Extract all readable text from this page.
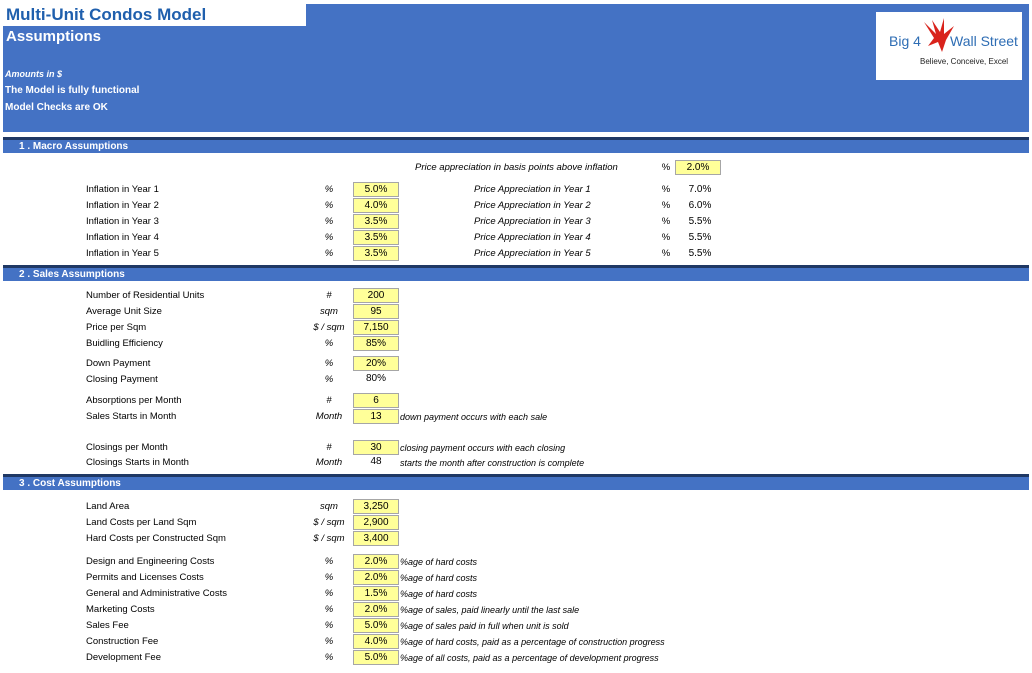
Multi-Unit Condos Model
Assumptions
Amounts in $
The Model is fully functional
Model Checks are OK
Big 4 Wall Street
Believe, Conceive, Excel
1 . Macro Assumptions
Price appreciation in basis points above inflation	%	2.0%
Inflation in Year 1	%	5.0%
Inflation in Year 2	%	4.0%
Inflation in Year 3	%	3.5%
Inflation in Year 4	%	3.5%
Inflation in Year 5	%	3.5%
Price Appreciation in Year 1	%	7.0%
Price Appreciation in Year 2	%	6.0%
Price Appreciation in Year 3	%	5.5%
Price Appreciation in Year 4	%	5.5%
Price Appreciation in Year 5	%	5.5%
2 . Sales Assumptions
Number of Residential Units	#	200
Average Unit Size	sqm	95
Price per Sqm	$ / sqm	7,150
Buidling Efficiency	%	85%
Down Payment	%	20%
Closing Payment	%	80%
Absorptions per Month	#	6
Sales Starts in Month	Month	13	down payment occurs with each sale
Closings per Month	#	30	closing payment occurs with each closing
Closings Starts in Month	Month	48	starts the month after construction is complete
3 . Cost Assumptions
Land Area	sqm	3,250
Land Costs per Land Sqm	$ / sqm	2,900
Hard Costs per Constructed Sqm	$ / sqm	3,400
Design and Engineering Costs	%	2.0%	%age of hard costs
Permits and Licenses Costs	%	2.0%	%age of hard costs
General and Administrative Costs	%	1.5%	%age of hard costs
Marketing Costs	%	2.0%	%age of sales, paid linearly until the last sale
Sales Fee	%	5.0%	%age of sales paid in full when unit is sold
Construction Fee	%	4.0%	%age of hard costs, paid as a percentage of construction progress
Development Fee	%	5.0%	%age of all costs, paid as a percentage of development progress
